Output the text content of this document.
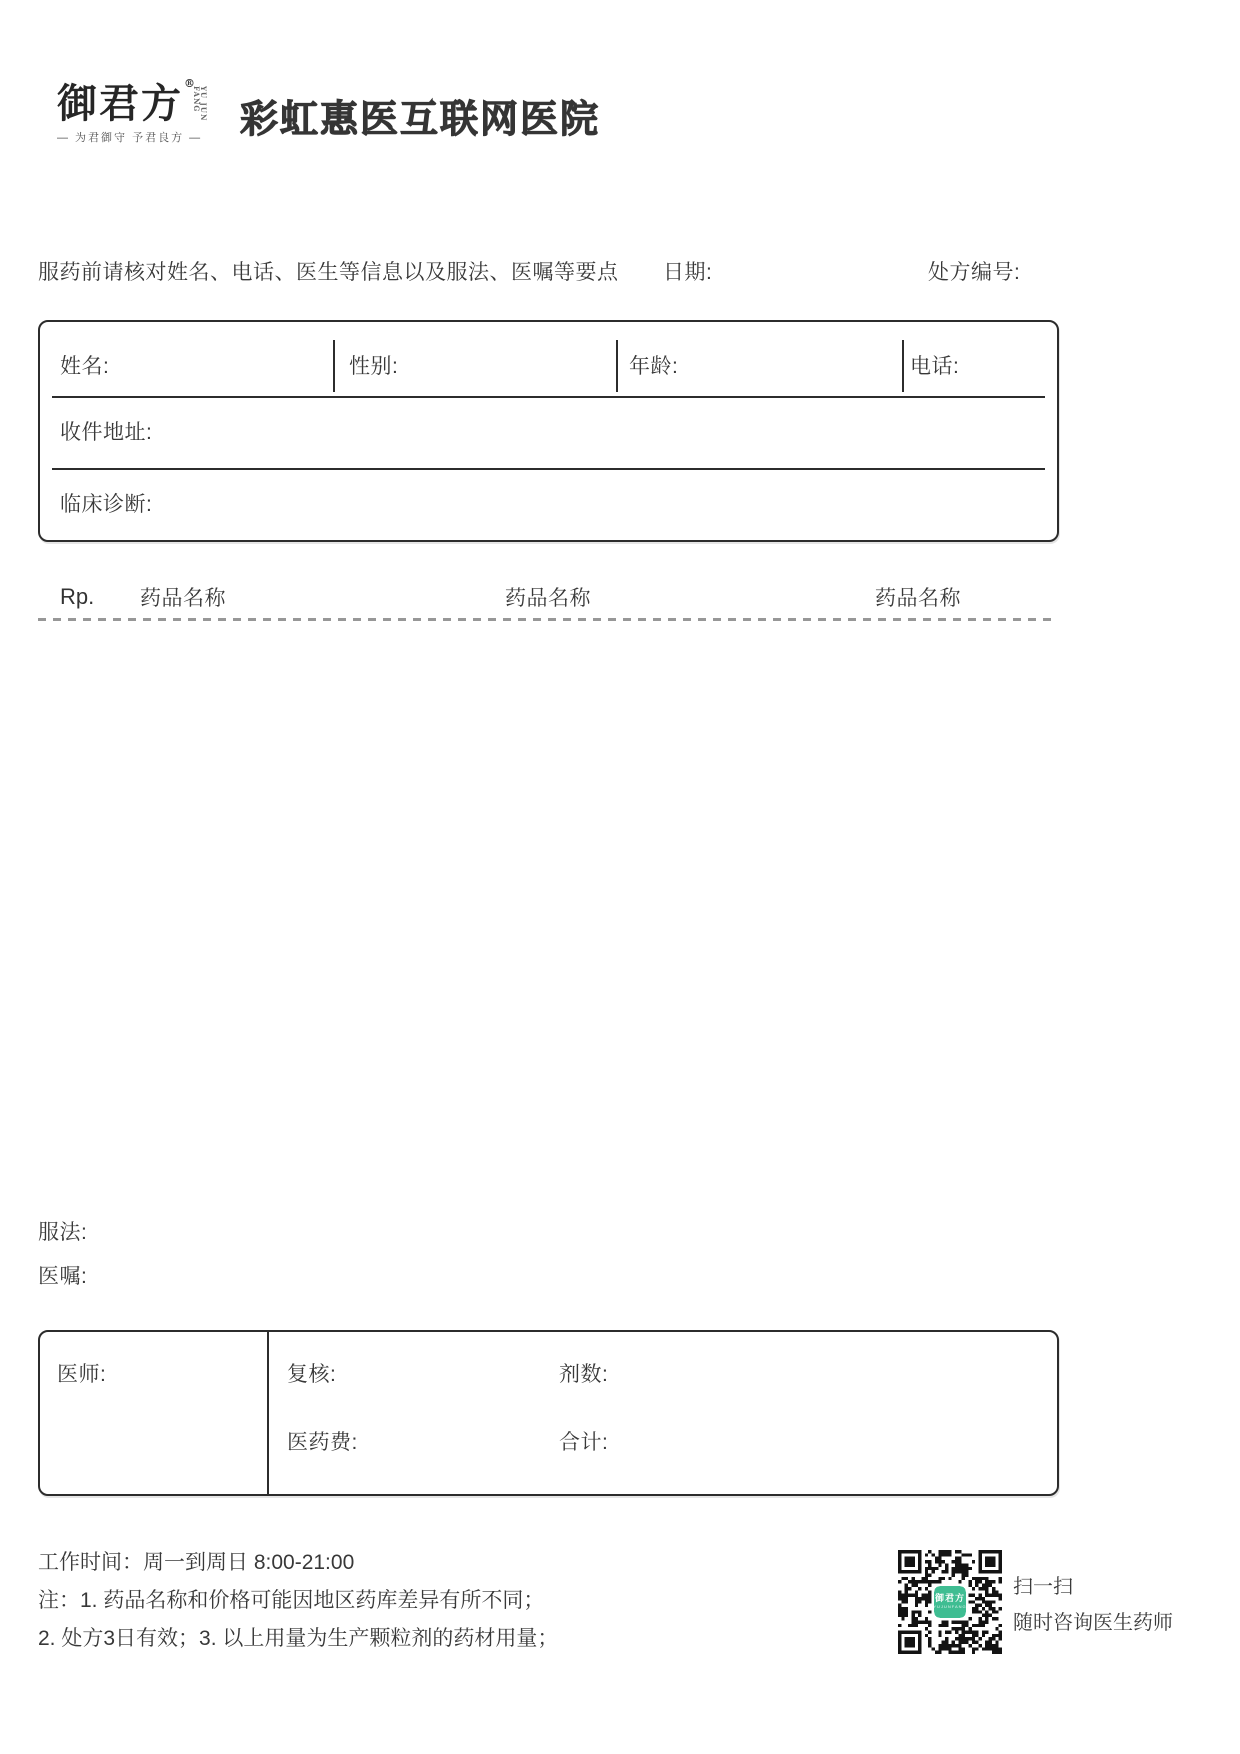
御君方 ®
YU JUN FANG
— 为君御守 予君良方 — 彩虹惠医互联网医院
服药前请核对姓名、电话、医生等信息以及服法、医嘱等要点 日期:	处方编号:
姓名:	性别:	年龄:	电话:
收件地址:
临床诊断:
Rp. 药品名称	药品名称	药品名称
服法:
医嘱:
医师:	复核:	剂数:
医药费:	合计:
工作时间：周一到周日 8:00-21:00
注：1. 药品名称和价格可能因地区药库差异有所不同；
2. 处方3日有效；3. 以上用量为生产颗粒剂的药材用量；
御君方
YUJUNFANG
扫一扫
随时咨询医生药师
